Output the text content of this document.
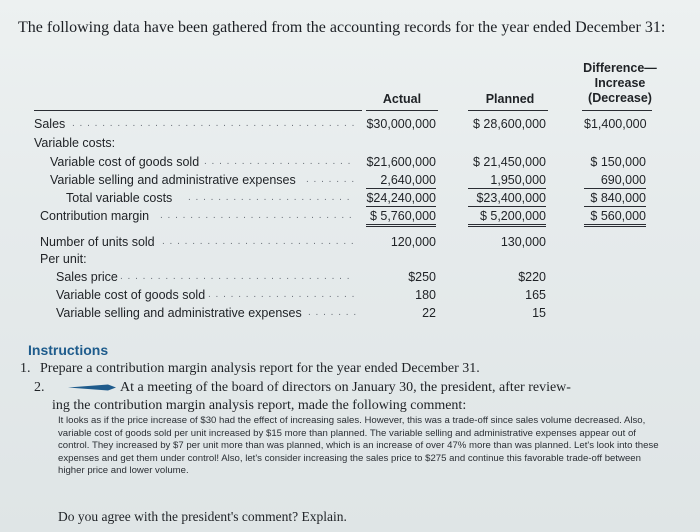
The following data have been gathered from the accounting records for the year ended December 31:
Actual	Planned
Difference—
Increase
(Decrease)
Sales . . . . . . . . . . . . . . . . . . . . . . . . . . . . . . . . . . . . . . $30,000,000	$ 28,600,000	$1,400,000
Variable costs:
Variable cost of goods sold . . . . . . . . . . . . . . . . . . . .	$21,600,000	$ 21,450,000	$ 150,000
Variable selling and administrative expenses . . . . . . .	2,640,000	1,950,000	690,000
Total variable costs . . . . . . . . . . . . . . . . . . . . . .	$24,240,000	$23,400,000	$ 840,000
Contribution margin . . . . . . . . . . . . . . . . . . . . . . . . . .	$ 5,760,000	$ 5,200,000	$ 560,000
Number of units sold . . . . . . . . . . . . . . . . . . . . . . . . . .	120,000	130,000
Per unit:
Sales price . . . . . . . . . . . . . . . . . . . . . . . . . . . . . . .	$250	$220
Variable cost of goods sold . . . . . . . . . . . . . . . . . . . .	180	165
Variable selling and administrative expenses . . . . . . .	22	15
Instructions
1. Prepare a contribution margin analysis report for the year ended December 31.
2.	At a meeting of the board of directors on January 30, the president, after review-
ing the contribution margin analysis report, made the following comment:
It looks as if the price increase of $30 had the effect of increasing sales. However, this was a trade-off since sales volume decreased. Also, variable cost of goods sold per unit increased by $15 more than planned. The variable selling and administrative expenses appear out of control. They increased by $7 per unit more than was planned, which is an increase of over 47% more than was planned. Let's look into these expenses and get them under control! Also, let's consider increasing the sales price to $275 and continue this favorable trade-off between higher price and lower volume.
Do you agree with the president's comment? Explain.
